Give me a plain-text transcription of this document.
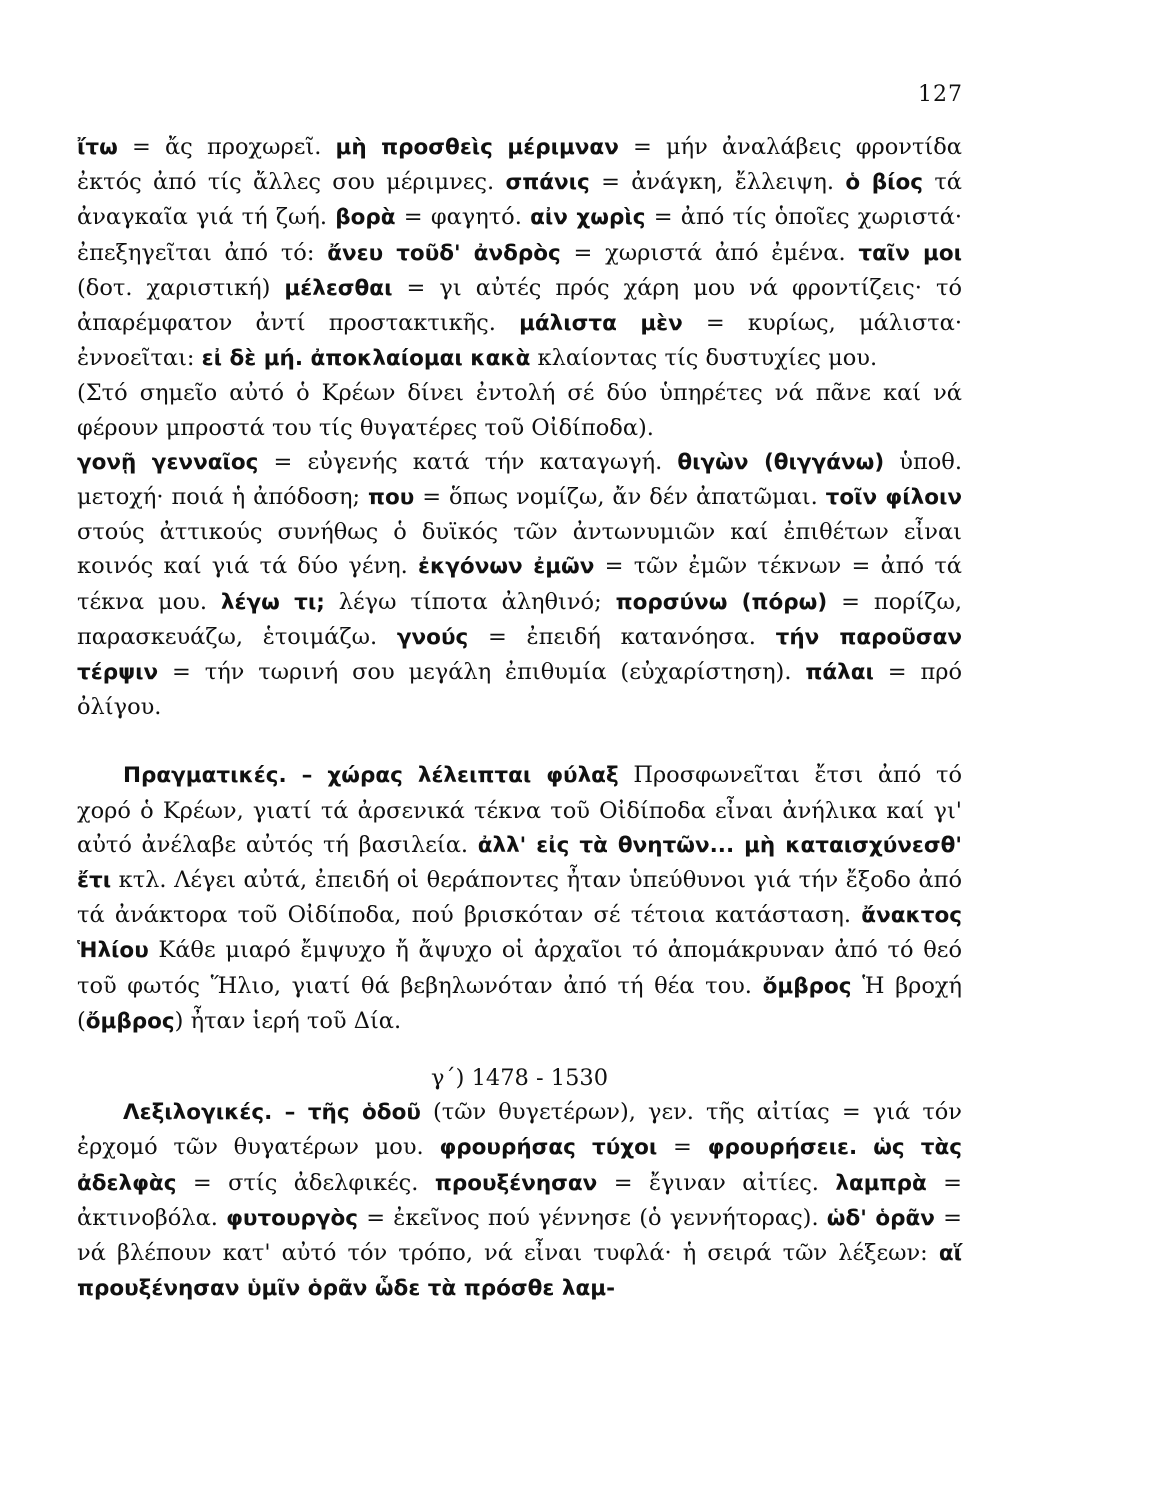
127

ἴτω = ἄς προχωρεῖ. μὴ προσθεὶς μέριμναν = μήν ἀναλάβεις φροντίδα ἐκτός ἀπό τίς ἄλλες σου μέριμνες. σπάνις = ἀνάγκη, ἔλλειψη. ὁ βίος τά ἀναγκαῖα γιά τή ζωή. βορὰ = φαγητό. αἰν χωρὶς = ἀπό τίς ὁποῖες χωριστά· ἐπεξηγεῖται ἀπό τό: ἄνευ τοῦδ' ἀνδρὸς = χωριστά ἀπό ἐμένα. ταῖν μοι (δοτ. χαριστική) μέλεσθαι = γι αὐτές πρός χάρη μου νά φροντίζεις· τό ἀπαρέμφατον ἀντί προστακτικῆς. μάλιστα μὲν = κυρίως, μάλιστα· ἐννοεῖται: εἰ δὲ μή. ἀποκλαίομαι κακὰ κλαίοντας τίς δυστυχίες μου.

(Στό σημεῖο αὐτό ὁ Κρέων δίνει ἐντολή σέ δύο ὑπηρέτες νά πᾶνε καί νά φέρουν μπροστά του τίς θυγατέρες τοῦ Οἰδίποδα).

γονῇ γενναῖος = εὐγενής κατά τήν καταγωγή. θιγὼν (θιγγάνω) ὑποθ. μετοχή· ποιά ἡ ἀπόδοση; που = ὅπως νομίζω, ἄν δέν ἀπατῶμαι. τοῖν φίλοιν στούς ἀττικούς συνήθως ὁ δυϊκός τῶν ἀντωνυμιῶν καί ἐπιθέτων εἶναι κοινός καί γιά τά δύο γένη. ἐκγόνων ἐμῶν = τῶν ἐμῶν τέκνων = ἀπό τά τέκνα μου. λέγω τι; λέγω τίποτα ἀληθινό; πορσύνω (πόρω) = πορίζω, παρασκευάζω, ἑτοιμάζω. γνούς = ἐπειδή κατανόησα. τήν παροῦσαν τέρψιν = τήν τωρινή σου μεγάλη ἐπιθυμία (εὐχαρίστηση). πάλαι = πρό ὀλίγου.

Πραγματικές. – χώρας λέλειπται φύλαξ Προσφωνεῖται ἔτσι ἀπό τό χορό ὁ Κρέων, γιατί τά ἀρσενικά τέκνα τοῦ Οἰδίποδα εἶναι ἀνήλικα καί γι' αὐτό ἀνέλαβε αὐτός τή βασιλεία. ἀλλ' εἰς τὰ θνητῶν... μὴ καταισχύνεσθ' ἔτι κτλ. Λέγει αὐτά, ἐπειδή οἱ θεράποντες ἦταν ὑπεύθυνοι γιά τήν ἔξοδο ἀπό τά ἀνάκτορα τοῦ Οἰδίποδα, πού βρισκόταν σέ τέτοια κατάσταση. ἄνακτος Ἡλίου Κάθε μιαρό ἔμψυχο ἤ ἄψυχο οἱ ἀρχαῖοι τό ἀπομάκρυναν ἀπό τό θεό τοῦ φωτός Ἥλιο, γιατί θά βεβηλωνόταν ἀπό τή θέα του. ὄμβρος Ἡ βροχή (ὄμβρος) ἦταν ἱερή τοῦ Δία.

γ΄) 1478 - 1530

Λεξιλογικές. – τῆς ὁδοῦ (τῶν θυγετέρων), γεν. τῆς αἰτίας = γιά τόν ἐρχομό τῶν θυγατέρων μου. φρουρήσας τύχοι = φρουρήσειε. ὡς τὰς ἀδελφὰς = στίς ἀδελφικές. προυξένησαν = ἔγιναν αἰτίες. λαμπρὰ = ἀκτινοβόλα. φυτουργὸς = ἐκεῖνος πού γέννησε (ὁ γεννήτορας). ὡδ' ὁρᾶν = νά βλέπουν κατ' αὐτό τόν τρόπο, νά εἶναι τυφλά· ἡ σειρά τῶν λέξεων: αἵ προυξένησαν ὑμῖν ὁρᾶν ὧδε τὰ πρόσθε λαμ-
